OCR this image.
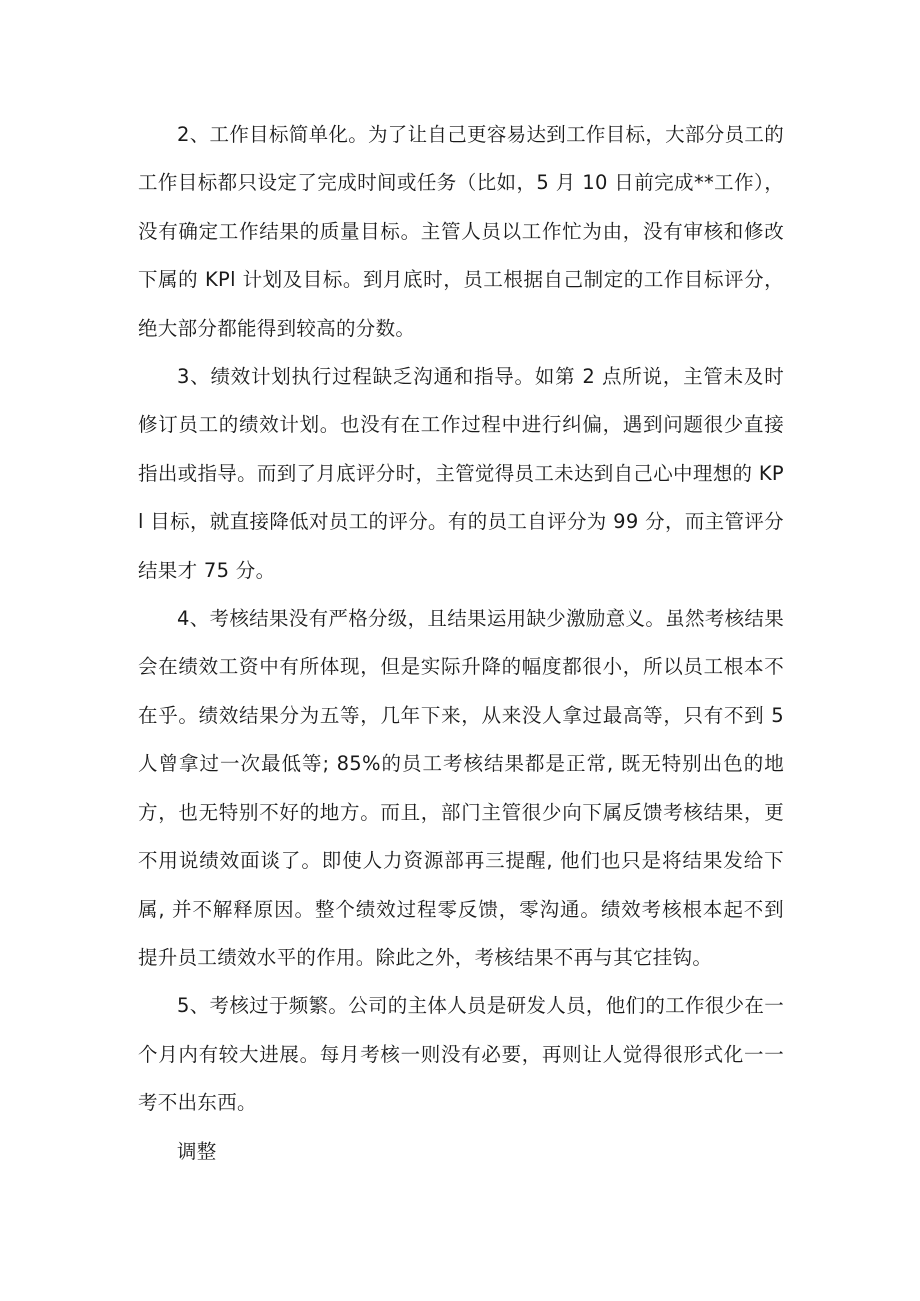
2、工作目标简单化。为了让自己更容易达到工作目标，大部分员工的工作目标都只设定了完成时间或任务（比如，5 月 10 日前完成**工作），没有确定工作结果的质量目标。主管人员以工作忙为由，没有审核和修改下属的 KPl 计划及目标。到月底时，员工根据自己制定的工作目标评分，绝大部分都能得到较高的分数。

3、绩效计划执行过程缺乏沟通和指导。如第 2 点所说，主管未及时修订员工的绩效计划。也没有在工作过程中进行纠偏，遇到问题很少直接指出或指导。而到了月底评分时，主管觉得员工未达到自己心中理想的 KPl 目标，就直接降低对员工的评分。有的员工自评分为 99 分，而主管评分结果才 75 分。

4、考核结果没有严格分级，且结果运用缺少激励意义。虽然考核结果会在绩效工资中有所体现，但是实际升降的幅度都很小，所以员工根本不在乎。绩效结果分为五等，几年下来，从来没人拿过最高等，只有不到 5 人曾拿过一次最低等; 85%的员工考核结果都是正常, 既无特别出色的地方，也无特别不好的地方。而且，部门主管很少向下属反馈考核结果，更不用说绩效面谈了。即使人力资源部再三提醒, 他们也只是将结果发给下属, 并不解释原因。整个绩效过程零反馈，零沟通。绩效考核根本起不到提升员工绩效水平的作用。除此之外，考核结果不再与其它挂钩。

5、考核过于频繁。公司的主体人员是研发人员，他们的工作很少在一个月内有较大进展。每月考核一则没有必要，再则让人觉得很形式化一一考不出东西。

调整
